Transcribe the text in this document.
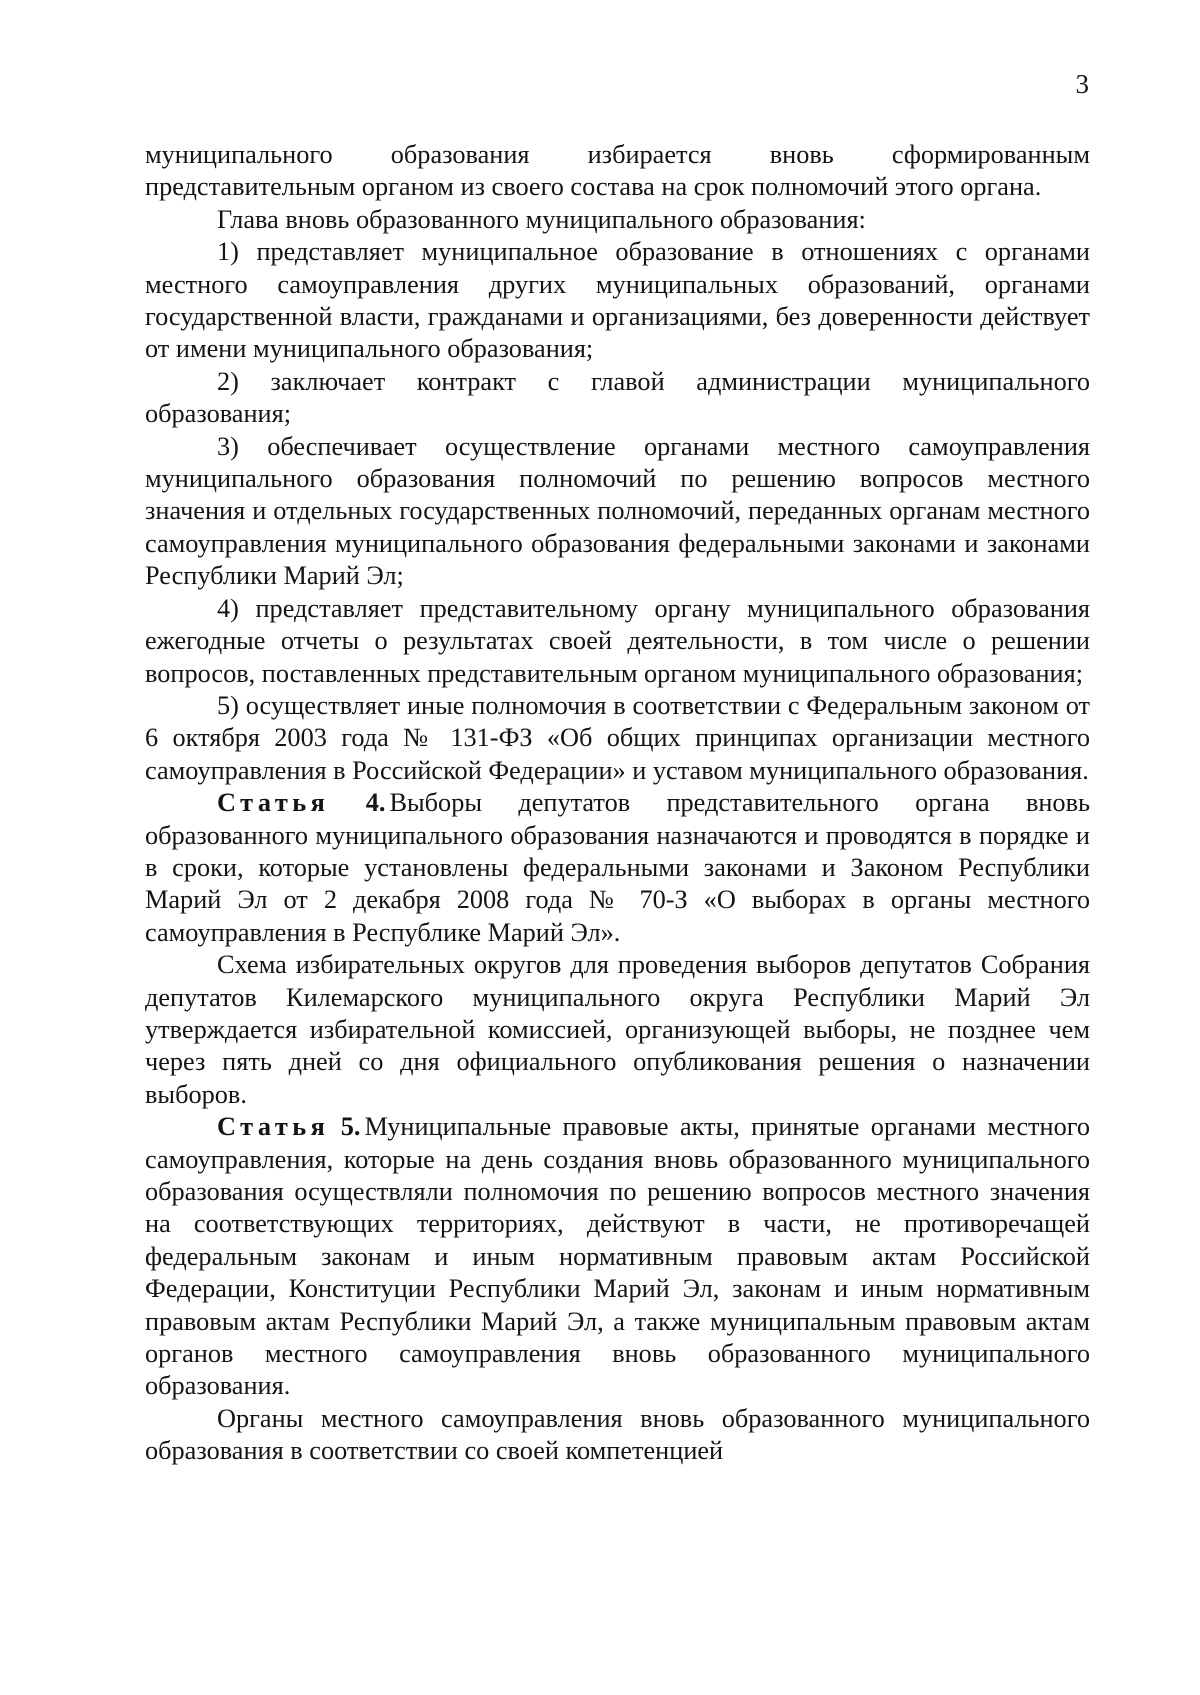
3

муниципального образования избирается вновь сформированным представительным органом из своего состава на срок полномочий этого органа.

Глава вновь образованного муниципального образования:

1) представляет муниципальное образование в отношениях с органами местного самоуправления других муниципальных образований, органами государственной власти, гражданами и организациями, без доверенности действует от имени муниципального образования;

2) заключает контракт с главой администрации муниципального образования;

3) обеспечивает осуществление органами местного самоуправления муниципального образования полномочий по решению вопросов местного значения и отдельных государственных полномочий, переданных органам местного самоуправления муниципального образования федеральными законами и законами Республики Марий Эл;

4) представляет представительному органу муниципального образования ежегодные отчеты о результатах своей деятельности, в том числе о решении вопросов, поставленных представительным органом муниципального образования;

5) осуществляет иные полномочия в соответствии с Федеральным законом от 6 октября 2003 года № 131-ФЗ «Об общих принципах организации местного самоуправления в Российской Федерации» и уставом муниципального образования.

Статья 4. Выборы депутатов представительного органа вновь образованного муниципального образования назначаются и проводятся в порядке и в сроки, которые установлены федеральными законами и Законом Республики Марий Эл от 2 декабря 2008 года № 70-З «О выборах в органы местного самоуправления в Республике Марий Эл».

Схема избирательных округов для проведения выборов депутатов Собрания депутатов Килемарского муниципального округа Республики Марий Эл утверждается избирательной комиссией, организующей выборы, не позднее чем через пять дней со дня официального опубликования решения о назначении выборов.

Статья 5. Муниципальные правовые акты, принятые органами местного самоуправления, которые на день создания вновь образованного муниципального образования осуществляли полномочия по решению вопросов местного значения на соответствующих территориях, действуют в части, не противоречащей федеральным законам и иным нормативным правовым актам Российской Федерации, Конституции Республики Марий Эл, законам и иным нормативным правовым актам Республики Марий Эл, а также муниципальным правовым актам органов местного самоуправления вновь образованного муниципального образования.

Органы местного самоуправления вновь образованного муниципального образования в соответствии со своей компетенцией
